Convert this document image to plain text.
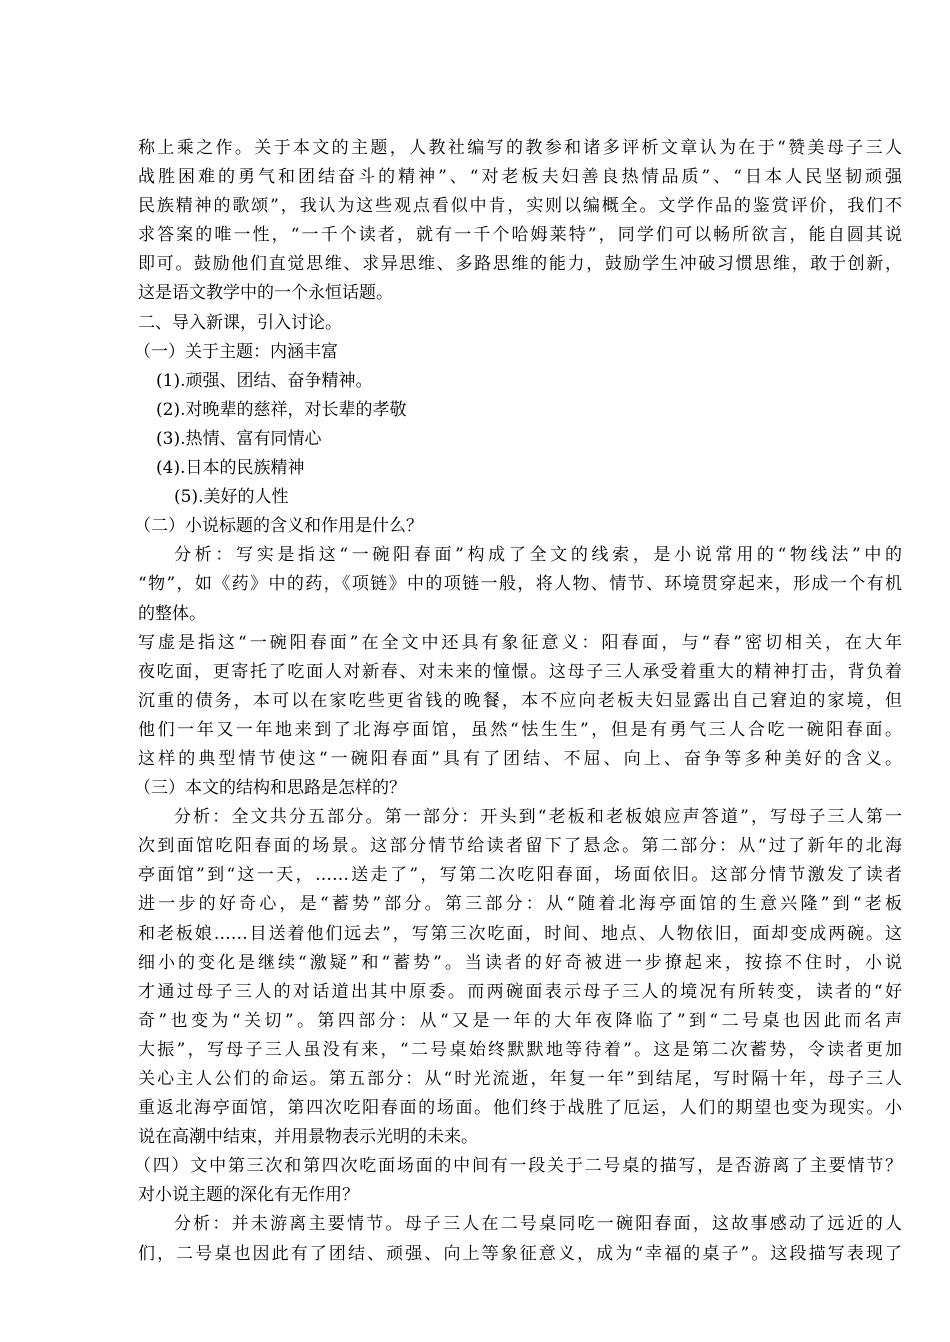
称上乘之作。关于本文的主题，人教社编写的教参和诸多评析文章认为在于“赞美母子三人
战胜困难的勇气和团结奋斗的精神”、“对老板夫妇善良热情品质”、“日本人民坚韧顽强
民族精神的歌颂”，我认为这些观点看似中肯，实则以编概全。文学作品的鉴赏评价，我们不
求答案的唯一性，“一千个读者，就有一千个哈姆莱特”，同学们可以畅所欲言，能自圆其说
即可。鼓励他们直觉思维、求异思维、多路思维的能力，鼓励学生冲破习惯思维，敢于创新，
这是语文教学中的一个永恒话题。
二、导入新课，引入讨论。
（一）关于主题：内涵丰富
(1).顽强、团结、奋争精神。
(2).对晚辈的慈祥，对长辈的孝敬
(3).热情、富有同情心
(4).日本的民族精神
(5).美好的人性
（二）小说标题的含义和作用是什么？
分析：写实是指这“一碗阳春面”构成了全文的线索，是小说常用的“物线法”中的
“物”，如《药》中的药，《项链》中的项链一般，将人物、情节、环境贯穿起来，形成一个有机
的整体。
写虚是指这“一碗阳春面”在全文中还具有象征意义：阳春面，与“春”密切相关，在大年
夜吃面，更寄托了吃面人对新春、对未来的憧憬。这母子三人承受着重大的精神打击，背负着
沉重的债务，本可以在家吃些更省钱的晚餐，本不应向老板夫妇显露出自己窘迫的家境，但
他们一年又一年地来到了北海亭面馆，虽然“怯生生”，但是有勇气三人合吃一碗阳春面。
这样的典型情节使这“一碗阳春面”具有了团结、不屈、向上、奋争等多种美好的含义。
（三）本文的结构和思路是怎样的？
分析：全文共分五部分。第一部分：开头到“老板和老板娘应声答道”，写母子三人第一
次到面馆吃阳春面的场景。这部分情节给读者留下了悬念。第二部分：从“过了新年的北海
亭面馆”到“这一天，……送走了”，写第二次吃阳春面，场面依旧。这部分情节激发了读者
进一步的好奇心，是“蓄势”部分。第三部分：从“随着北海亭面馆的生意兴隆”到“老板
和老板娘……目送着他们远去”，写第三次吃面，时间、地点、人物依旧，面却变成两碗。这
细小的变化是继续“激疑”和“蓄势”。当读者的好奇被进一步撩起来，按捺不住时，小说
才通过母子三人的对话道出其中原委。而两碗面表示母子三人的境况有所转变，读者的“好
奇”也变为“关切”。第四部分：从“又是一年的大年夜降临了”到“二号桌也因此而名声
大振”，写母子三人虽没有来，“二号桌始终默默地等待着”。这是第二次蓄势，令读者更加
关心主人公们的命运。第五部分：从“时光流逝，年复一年”到结尾，写时隔十年，母子三人
重返北海亭面馆，第四次吃阳春面的场面。他们终于战胜了厄运，人们的期望也变为现实。小
说在高潮中结束，并用景物表示光明的未来。
（四）文中第三次和第四次吃面场面的中间有一段关于二号桌的描写，是否游离了主要情节？
对小说主题的深化有无作用？
分析：并未游离主要情节。母子三人在二号桌同吃一碗阳春面，这故事感动了远近的人
们，二号桌也因此有了团结、顽强、向上等象征意义，成为“幸福的桌子”。这段描写表现了
